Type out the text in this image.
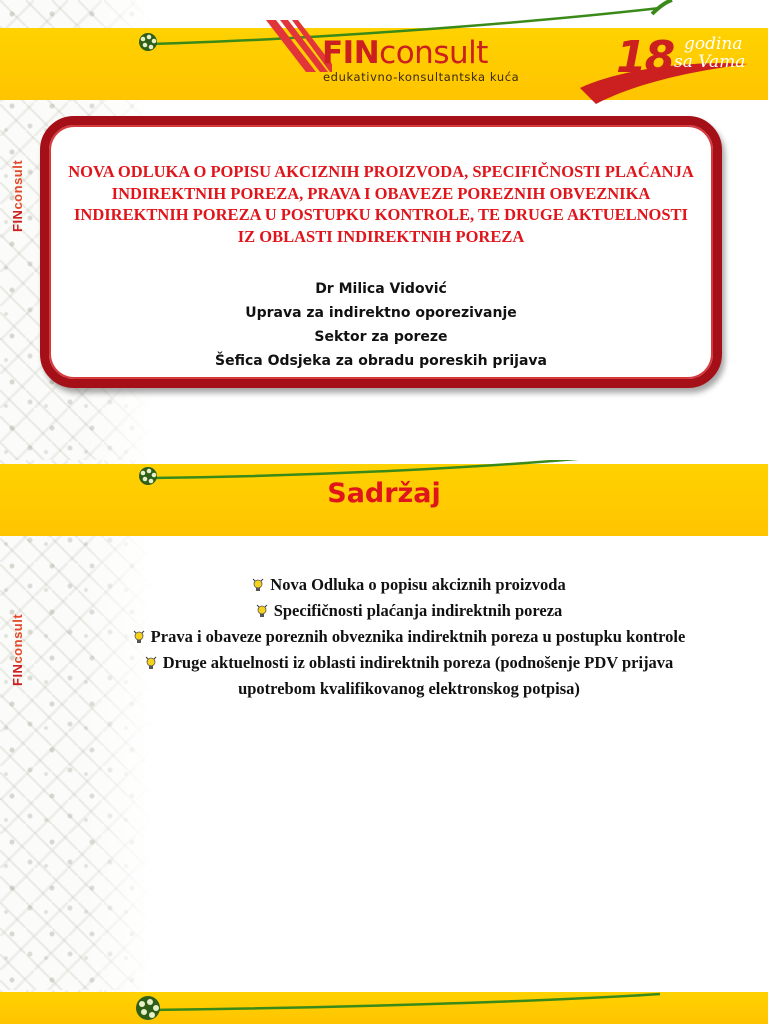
FINconsult
FINconsult
edukativno-konsultantska kuća 18 godina
sa Vama
NOVA ODLUKA O POPISU AKCIZNIH PROIZVODA, SPECIFIČNOSTI PLAĆANJA INDIREKTNIH POREZA, PRAVA I OBAVEZE POREZNIH OBVEZNIKA INDIREKTNIH POREZA U POSTUPKU KONTROLE, TE DRUGE AKTUELNOSTI IZ OBLASTI INDIREKTNIH POREZA
Dr Milica Vidović
Uprava za indirektno oporezivanje
Sektor za poreze
Šefica Odsjeka za obradu poreskih prijava
FINconsult
Sadržaj

Nova Odluka o popisu akciznih proizvoda

Specifičnosti plaćanja indirektnih poreza

Prava i obaveze poreznih obveznika indirektnih poreza u postupku kontrole

Druge aktuelnosti iz oblasti indirektnih poreza (podnošenje PDV prijava
upotrebom kvalifikovanog elektronskog potpisa)
